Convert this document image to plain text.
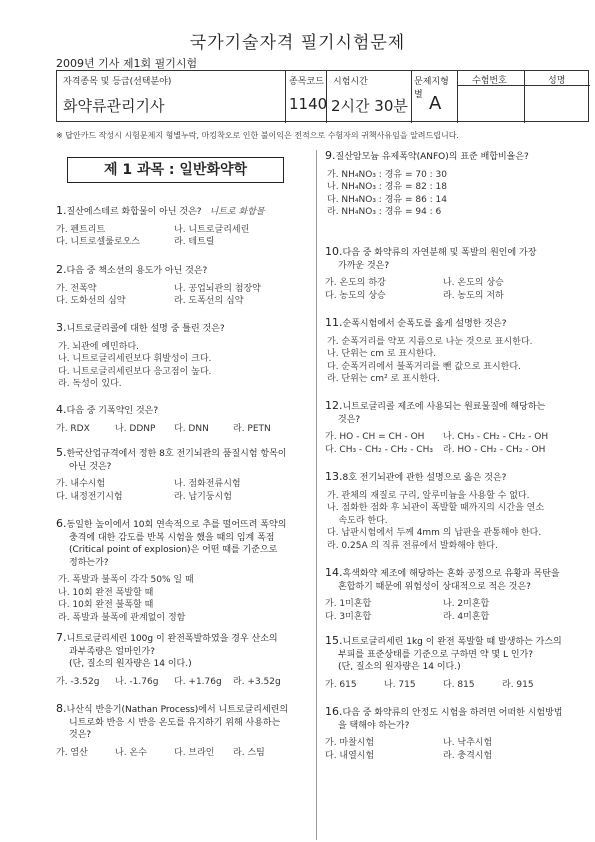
국가기술자격 필기시험문제
2009년 기사 제1회 필기시험
자격종목 및 등급(선택분야)
화약류관리기사
종목코드
1140
시험시간
2시간 30분
문제지형별 A
수험번호	성명
※ 답안카드 작성시 시험문제지 형별누락, 마킹착오로 인한 불이익은 전적으로 수험자의 귀책사유임을 알려드립니다.
제 1 과목 : 일반화약학
1.질산에스테르 화합물이 아닌 것은? 니트로 화합물
가. 펜트리트	나. 니트로글리세린
다. 니트로셀룰로오스	라. 테트릴
2.다음 중 책소션의 용도가 아닌 것은?
가. 전폭약	나. 공업뇌관의 첨장약
다. 도화선의 심약	라. 도폭선의 심약
3.니트로글리콜에 대한 설명 중 틀린 것은?
가. 뇌관에 예민하다.
나. 니트로글리세린보다 휘발성이 크다.
다. 니트로글리세린보다 응고점이 높다.
라. 독성이 있다.
4.다음 중 기폭약인 것은?
가. RDX	나. DDNP	다. DNN	라. PETN
5.한국산업규격에서 정한 8호 전기뇌관의 품질시험 항목이
아닌 것은?
가. 내수시험	나. 점화전류시험
다. 내정전기시험	라. 납기둥시험
6.동일한 높이에서 10회 연속적으로 추를 떨어뜨려 폭약의
충격에 대한 감도를 반복 시험을 했을 때의 임계 폭점
(Critical point of explosion)은 어떤 때를 기준으로
정하는가?
가. 폭발과 불폭이 각각 50% 일 때
나. 10회 완전 폭발할 때
다. 10회 완전 불폭할 때
라. 폭발과 불폭에 관계없이 정함
7.니트로글리세린 100g 이 완전폭발하였을 경우 산소의
과부족량은 얼마인가?
(단, 질소의 원자량은 14 이다.)
가. -3.52g	나. -1.76g	다. +1.76g	라. +3.52g
8.나산식 반응기(Nathan Process)에서 니트로글리세린의
니트로화 반응 시 반응 온도를 유지하기 위해 사용하는
것은?
가. 염산	나. 온수	다. 브라인	라. 스팀
9.질산암모늄 유제폭약(ANFO)의 표준 배합비율은?
가. NH₄NO₃ : 경유 = 70 : 30
나. NH₄NO₃ : 경유 = 82 : 18
다. NH₄NO₃ : 경유 = 86 : 14
라. NH₄NO₃ : 경유 = 94 : 6
10.다음 중 화약류의 자연분해 및 폭발의 원인에 가장
가까운 것은?
가. 온도의 하강	나. 온도의 상승
다. 농도의 상승	라. 농도의 저하
11.순폭시험에서 순폭도를 옳게 설명한 것은?
가. 순폭거리를 약포 지름으로 나눈 것으로 표시한다.
나. 단위는 cm 로 표시한다.
다. 순폭거리에서 불폭거리를 뺀 값으로 표시한다.
라. 단위는 cm² 로 표시한다.
12.니트로글리콜 제조에 사용되는 원료물질에 해당하는
것은?
가. HO - CH = CH - OH	나. CH₃ - CH₂ - CH₂ - OH
다. CH₃ - CH₂ - CH₂ - CH₃	라. HO - CH₂ - CH₂ - OH
13.8호 전기뇌관에 관한 설명으로 옳은 것은?
가. 관체의 재질로 구리, 알루미늄을 사용할 수 없다.
나. 점화한 점화 후 뇌관이 폭발할 때까지의 시간을 연소
속도라 한다.
다. 납판시험에서 두께 4mm 의 납판을 관통해야 한다.
라. 0.25A 의 직류 전류에서 발화해야 한다.
14.흑색화약 제조에 해당하는 혼화 공정으로 유황과 목탄을
혼합하기 때문에 위험성이 상대적으로 적은 것은?
가. 1미혼합	나. 2미혼합
다. 3미혼합	라. 4미혼합
15.니트로글리세린 1kg 이 완전 폭발할 때 발생하는 가스의
부피를 표준상태를 기준으로 구하면 약 몇 L 인가?
(단, 질소의 원자량은 14 이다.)
가. 615	나. 715	다. 815	라. 915
16.다음 중 화약류의 안정도 시험을 하려면 어떠한 시험방법
을 택해야 하는가?
가. 마찰시험	나. 낙추시험
다. 내열시험	라. 충격시험
